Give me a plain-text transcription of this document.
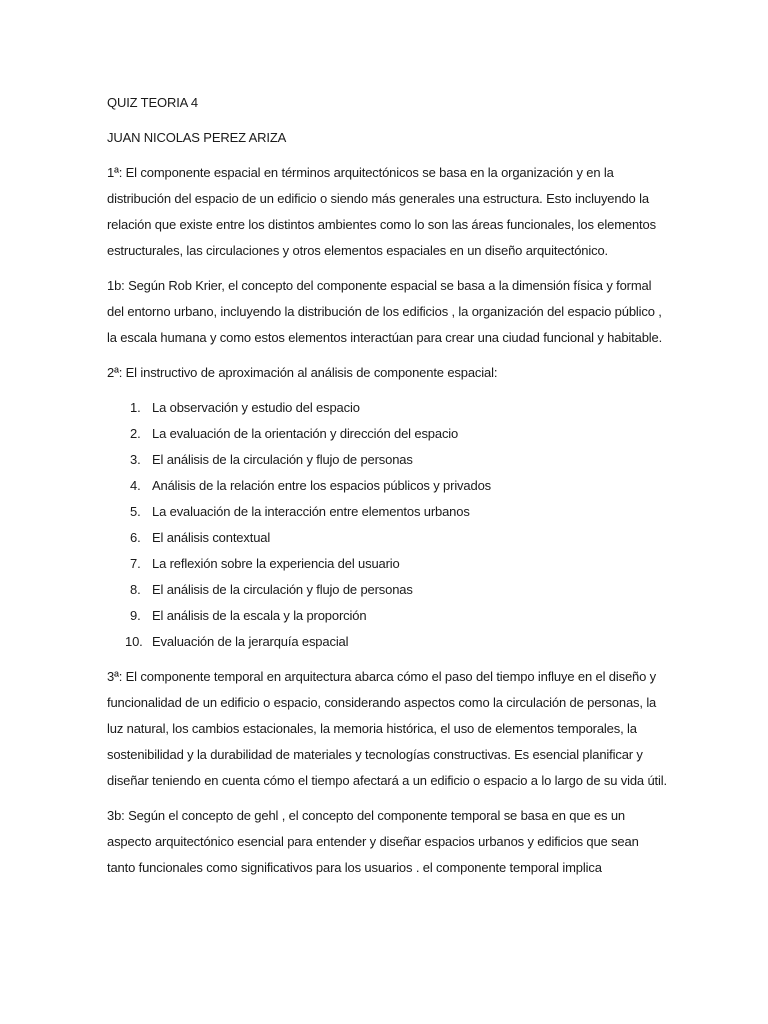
QUIZ TEORIA 4

JUAN NICOLAS PEREZ ARIZA

1ª: El componente espacial en términos arquitectónicos se basa en la organización y en la distribución del espacio de un edificio o siendo más generales una estructura. Esto incluyendo la relación que existe entre los distintos ambientes como lo son las áreas funcionales, los elementos estructurales, las circulaciones y otros elementos espaciales en un diseño arquitectónico.

1b: Según Rob Krier, el concepto del componente espacial se basa a la dimensión física y formal del entorno urbano, incluyendo la distribución de los edificios , la organización del espacio público , la escala humana y como estos elementos interactúan para crear una ciudad funcional y habitable.

2ª: El instructivo de aproximación al análisis de componente espacial:

1. La observación y estudio del espacio
2. La evaluación de la orientación y dirección del espacio
3. El análisis de la circulación y flujo de personas
4. Análisis de la relación entre los espacios públicos y privados
5. La evaluación de la interacción entre elementos urbanos
6. El análisis contextual
7. La reflexión sobre la experiencia del usuario
8. El análisis de la circulación y flujo de personas
9. El análisis de la escala y la proporción
10. Evaluación de la jerarquía espacial

3ª: El componente temporal en arquitectura abarca cómo el paso del tiempo influye en el diseño y funcionalidad de un edificio o espacio, considerando aspectos como la circulación de personas, la luz natural, los cambios estacionales, la memoria histórica, el uso de elementos temporales, la sostenibilidad y la durabilidad de materiales y tecnologías constructivas. Es esencial planificar y diseñar teniendo en cuenta cómo el tiempo afectará a un edificio o espacio a lo largo de su vida útil.

3b: Según el concepto de gehl , el concepto del componente temporal se basa en que es un aspecto arquitectónico esencial para entender y diseñar espacios urbanos y edificios que sean tanto funcionales como significativos para los usuarios . el componente temporal implica
